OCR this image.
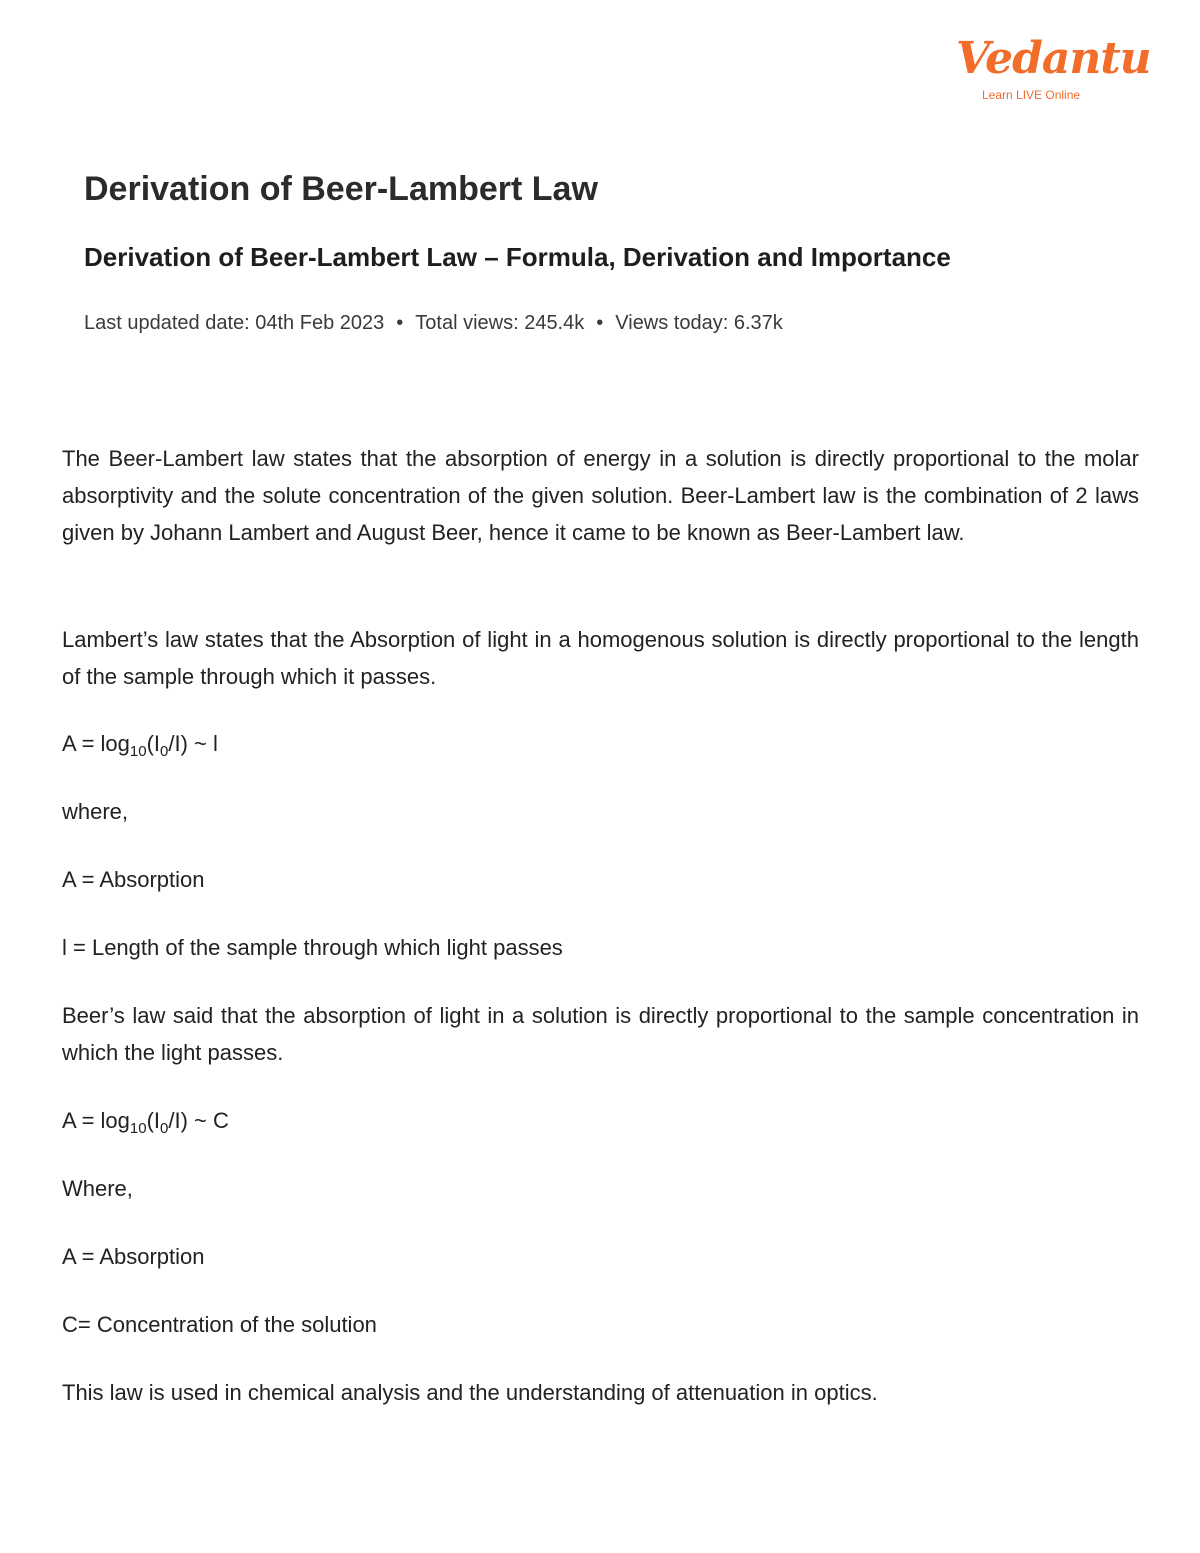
Vedantu
Learn LIVE Online
Derivation of Beer-Lambert Law
Derivation of Beer-Lambert Law – Formula, Derivation and Importance
Last updated date: 04th Feb 2023 • Total views: 245.4k • Views today: 6.37k

The Beer-Lambert law states that the absorption of energy in a solution is directly proportional to the molar absorptivity and the solute concentration of the given solution. Beer-Lambert law is the combination of 2 laws given by Johann Lambert and August Beer, hence it came to be known as Beer-Lambert law.

Lambert’s law states that the Absorption of light in a homogenous solution is directly proportional to the length of the sample through which it passes.

$A = \log_{10}(I_0/I)$ ~ l

where,

A = Absorption

l = Length of the sample through which light passes

Beer’s law said that the absorption of light in a solution is directly proportional to the sample concentration in which the light passes.

$A = \log_{10}(I_0/I)$ ~ C

Where,

A = Absorption

C= Concentration of the solution

This law is used in chemical analysis and the understanding of attenuation in optics.
